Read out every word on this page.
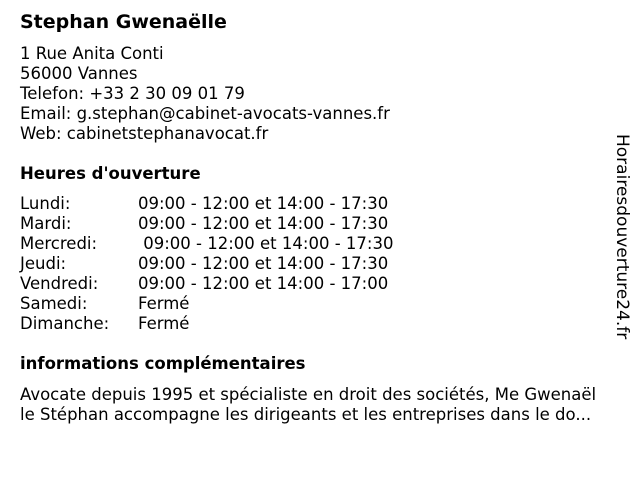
Stephan Gwenaëlle
1 Rue Anita Conti
56000 Vannes
Telefon: +33 2 30 09 01 79
Email: g.stephan@cabinet-avocats-vannes.fr
Web: cabinetstephanavocat.fr
Heures d'ouverture
Lundi:	09:00 - 12:00 et 14:00 - 17:30
Mardi:	09:00 - 12:00 et 14:00 - 17:30
Mercredi:	09:00 - 12:00 et 14:00 - 17:30
Jeudi:	09:00 - 12:00 et 14:00 - 17:30
Vendredi:	09:00 - 12:00 et 14:00 - 17:00
Samedi:	Fermé
Dimanche:	Fermé
informations complémentaires
Avocate depuis 1995 et spécialiste en droit des sociétés, Me Gwenaël
le Stéphan accompagne les dirigeants et les entreprises dans le do...
Horairesdouverture24.fr
